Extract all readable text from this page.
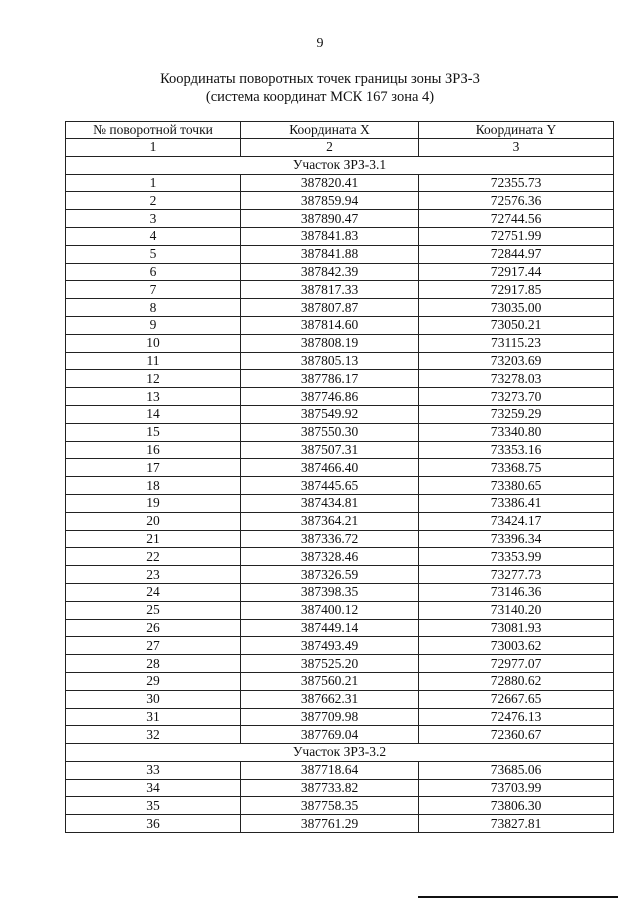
9
Координаты поворотных точек границы зоны ЗРЗ-3
(система координат МСК 167 зона 4)
№ поворотной точки	Координата X	Координата Y
1	2	3
Участок ЗРЗ-3.1		
1	387820.41	72355.73
2	387859.94	72576.36
3	387890.47	72744.56
4	387841.83	72751.99
5	387841.88	72844.97
6	387842.39	72917.44
7	387817.33	72917.85
8	387807.87	73035.00
9	387814.60	73050.21
10	387808.19	73115.23
11	387805.13	73203.69
12	387786.17	73278.03
13	387746.86	73273.70
14	387549.92	73259.29
15	387550.30	73340.80
16	387507.31	73353.16
17	387466.40	73368.75
18	387445.65	73380.65
19	387434.81	73386.41
20	387364.21	73424.17
21	387336.72	73396.34
22	387328.46	73353.99
23	387326.59	73277.73
24	387398.35	73146.36
25	387400.12	73140.20
26	387449.14	73081.93
27	387493.49	73003.62
28	387525.20	72977.07
29	387560.21	72880.62
30	387662.31	72667.65
31	387709.98	72476.13
32	387769.04	72360.67
Участок ЗРЗ-3.2		
33	387718.64	73685.06
34	387733.82	73703.99
35	387758.35	73806.30
36	387761.29	73827.81
